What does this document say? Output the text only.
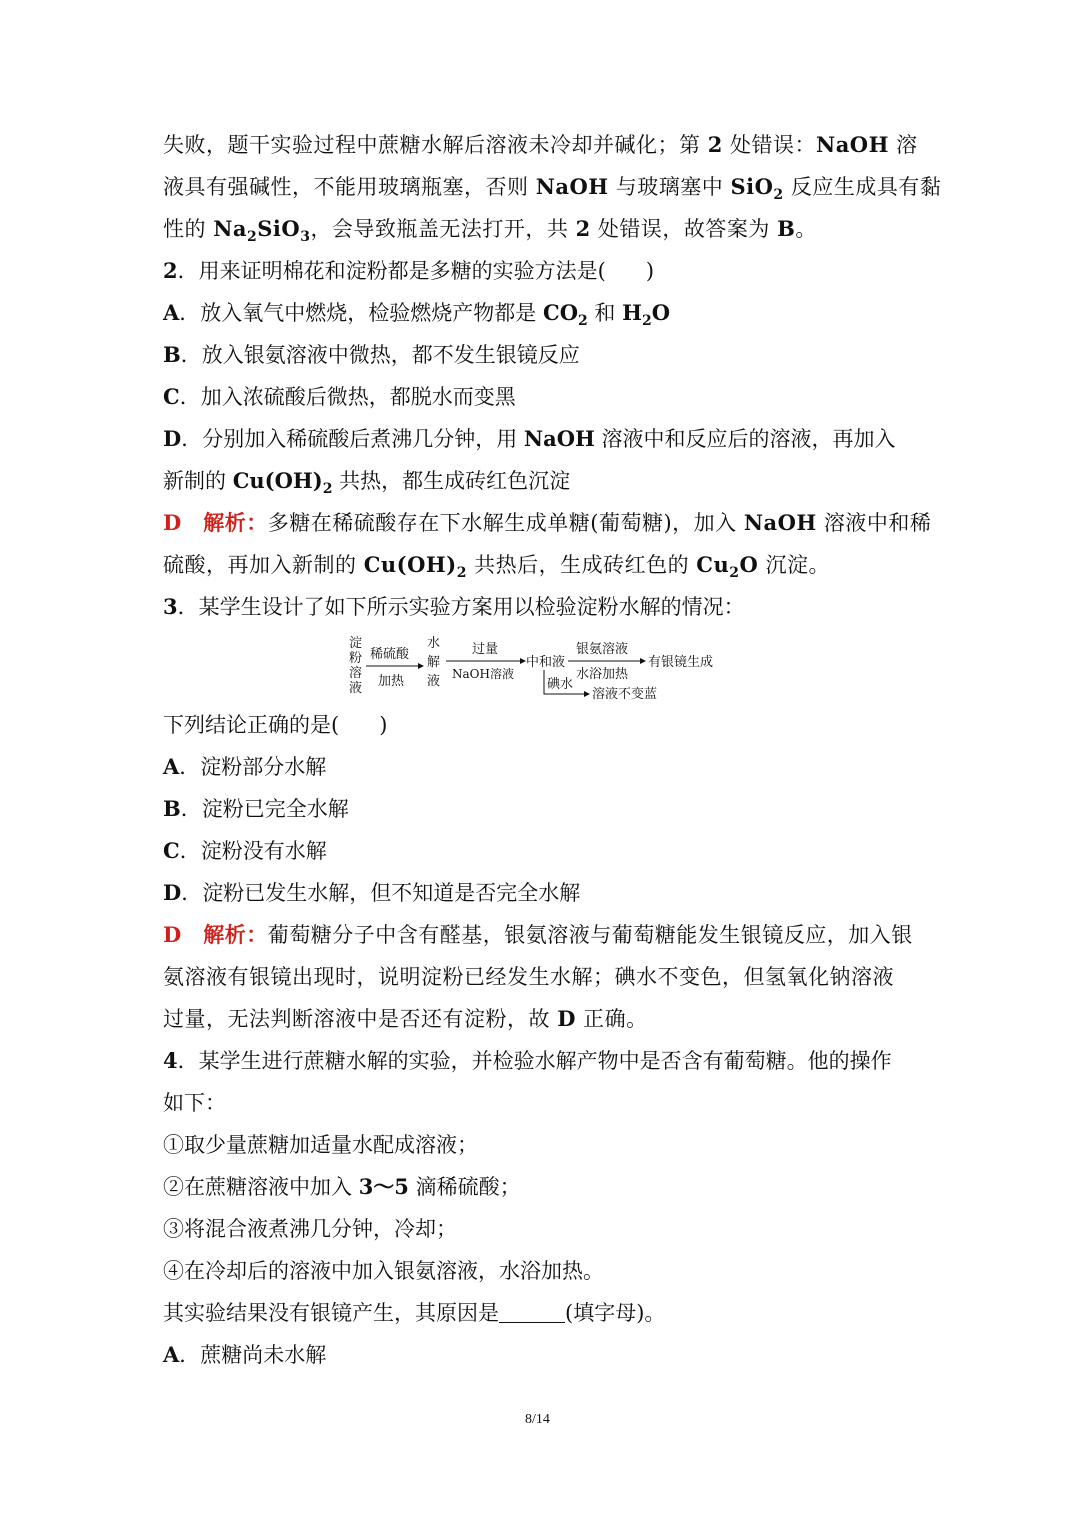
失败，题干实验过程中蔗糖水解后溶液未冷却并碱化；第 2 处错误：NaOH 溶
液具有强碱性，不能用玻璃瓶塞，否则 NaOH 与玻璃塞中 SiO$_2$ 反应生成具有黏
性的 $Na_2SiO_3$，会导致瓶盖无法打开，共 2 处错误，故答案为 B。
2．用来证明棉花和淀粉都是多糖的实验方法是( )
A．放入氧气中燃烧，检验燃烧产物都是 $CO_2$ 和 $H_2O$
B．放入银氨溶液中微热，都不发生银镜反应
C．加入浓硫酸后微热，都脱水而变黑
D．分别加入稀硫酸后煮沸几分钟，用 NaOH 溶液中和反应后的溶液，再加入
新制的 $Cu(OH)_2$ 共热，都生成砖红色沉淀
D 解析：多糖在稀硫酸存在下水解生成单糖(葡萄糖)，加入 NaOH 溶液中和稀
硫酸，再加入新制的 $Cu(OH)_2$ 共热后，生成砖红色的 $Cu_2O$ 沉淀。
3．某学生设计了如下所示实验方案用以检验淀粉水解的情况：
淀
粉
溶
液
稀硫酸
加热
水
解
液
过量
NaOH溶液
中和液
银氨溶液
水浴加热
有银镜生成
碘水
溶液不变蓝
下列结论正确的是( )
A．淀粉部分水解
B．淀粉已完全水解
C．淀粉没有水解
D．淀粉已发生水解，但不知道是否完全水解
D 解析：葡萄糖分子中含有醛基，银氨溶液与葡萄糖能发生银镜反应，加入银
氨溶液有银镜出现时，说明淀粉已经发生水解；碘水不变色，但氢氧化钠溶液
过量，无法判断溶液中是否还有淀粉，故 D 正确。
4．某学生进行蔗糖水解的实验，并检验水解产物中是否含有葡萄糖。他的操作
如下：
①取少量蔗糖加适量水配成溶液；
②在蔗糖溶液中加入 3～5 滴稀硫酸；
③将混合液煮沸几分钟，冷却；
④在冷却后的溶液中加入银氨溶液，水浴加热。
其实验结果没有银镜产生，其原因是	(填字母)。
A．蔗糖尚未水解
8/14
